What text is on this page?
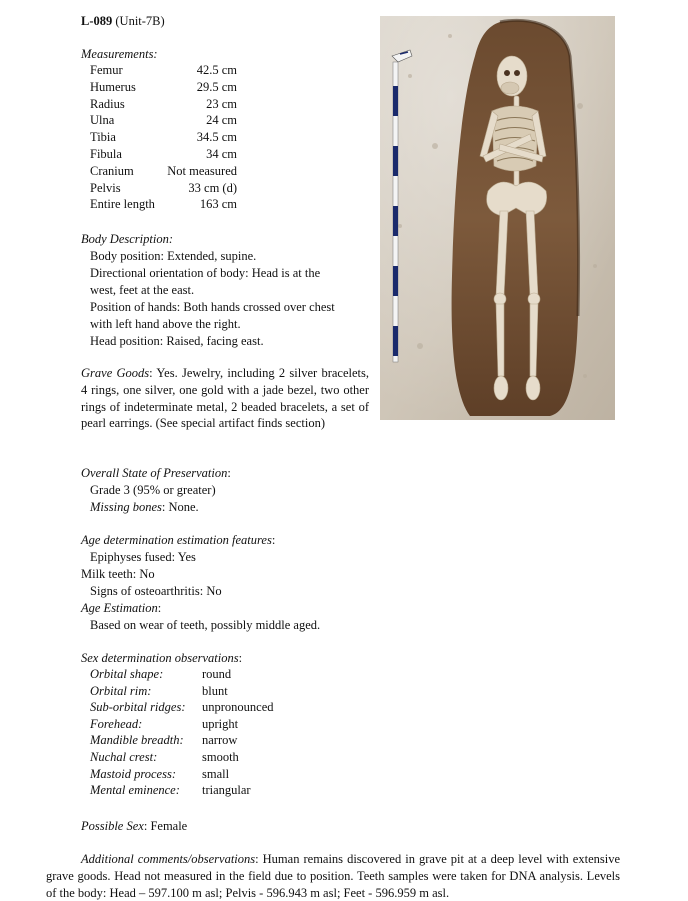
L-089 (Unit-7B)
Measurements:
Femur	42.5 cm
Humerus	29.5 cm
Radius	23 cm
Ulna	24 cm
Tibia	34.5 cm
Fibula	34 cm
Cranium	Not measured
Pelvis	33 cm (d)
Entire length	163 cm
Body Description:
Body position: Extended, supine.
Directional orientation of body: Head is at the
west, feet at the east.
Position of hands: Both hands crossed over chest
with left hand above the right.
Head position: Raised, facing east.
Grave Goods: Yes. Jewelry, including 2 silver bracelets, 4 rings, one silver, one gold with a jade bezel, two other rings of indeterminate metal, 2 beaded bracelets, a set of pearl earrings. (See special artifact finds section)
Overall State of Preservation:
Grade 3 (95% or greater)
Missing bones: None.
Age determination estimation features:
Epiphyses fused: Yes
Milk teeth: No
Signs of osteoarthritis: No
Age Estimation:
Based on wear of teeth, possibly middle aged.
Sex determination observations:
Orbital shape:	round
Orbital rim:	blunt
Sub-orbital ridges: unpronounced
Forehead:	upright
Mandible breadth: narrow
Nuchal crest:	smooth
Mastoid process: small
Mental eminence: triangular
Possible Sex: Female
Additional comments/observations: Human remains discovered in grave pit at a deep level with extensive grave goods. Head not measured in the field due to position. Teeth samples were taken for DNA analysis. Levels of the body: Head – 597.100 m asl; Pelvis - 596.943 m asl; Feet - 596.959 m asl.
